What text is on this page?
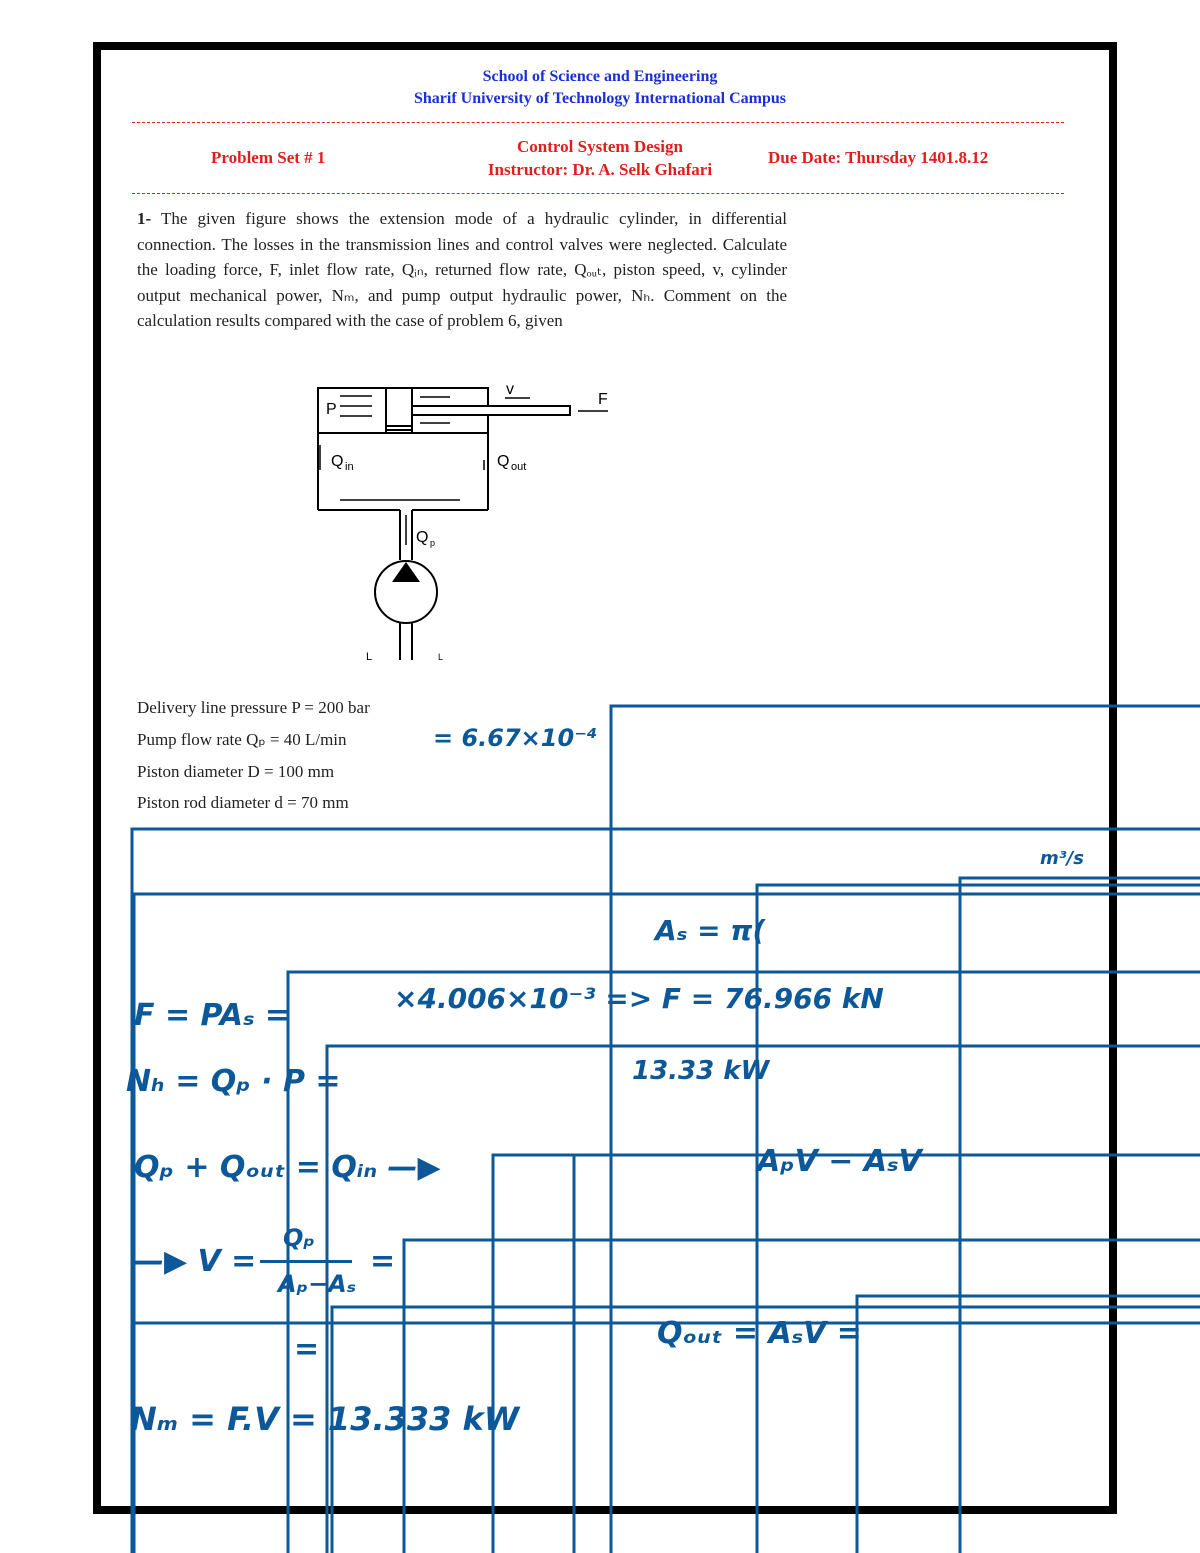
School of Science and Engineering
Sharif University of Technology International Campus
Problem Set # 1
Control System Design
Instructor: Dr. A. Selk Ghafari
Due Date: Thursday 1401.8.12
1- The given figure shows the extension mode of a hydraulic cylinder, in differential connection. The losses in the transmission lines and control valves were neglected. Calculate the loading force, F, inlet flow rate, Qᵢₙ, returned flow rate, Qₒᵤₜ, piston speed, v, cylinder output mechanical power, Nₘ, and pump output hydraulic power, Nₕ. Comment on the calculation results compared with the case of problem 6, given
P
v
F
Q in	Q out
Q p
L	L
Delivery line pressure P = 200 bar
Pump flow rate Qₚ = 40 L/min
Piston diameter D = 100 mm
Piston rod diameter d = 70 mm
= 6.67×10⁻⁴
m³/s
Aₛ = π(
F = PAₛ =	×4.006×10⁻³ => F = 76.966 kN
Nₕ = Qₚ · P =	13.33 kW
Qₚ + Qₒᵤₜ = Qᵢₙ —▶	AₚV − AₛV
—▶ V =
Qₚ
Aₚ−Aₛ
=
Qₒᵤₜ = AₛV =
=
Nₘ = F.V = 13.333 kW
